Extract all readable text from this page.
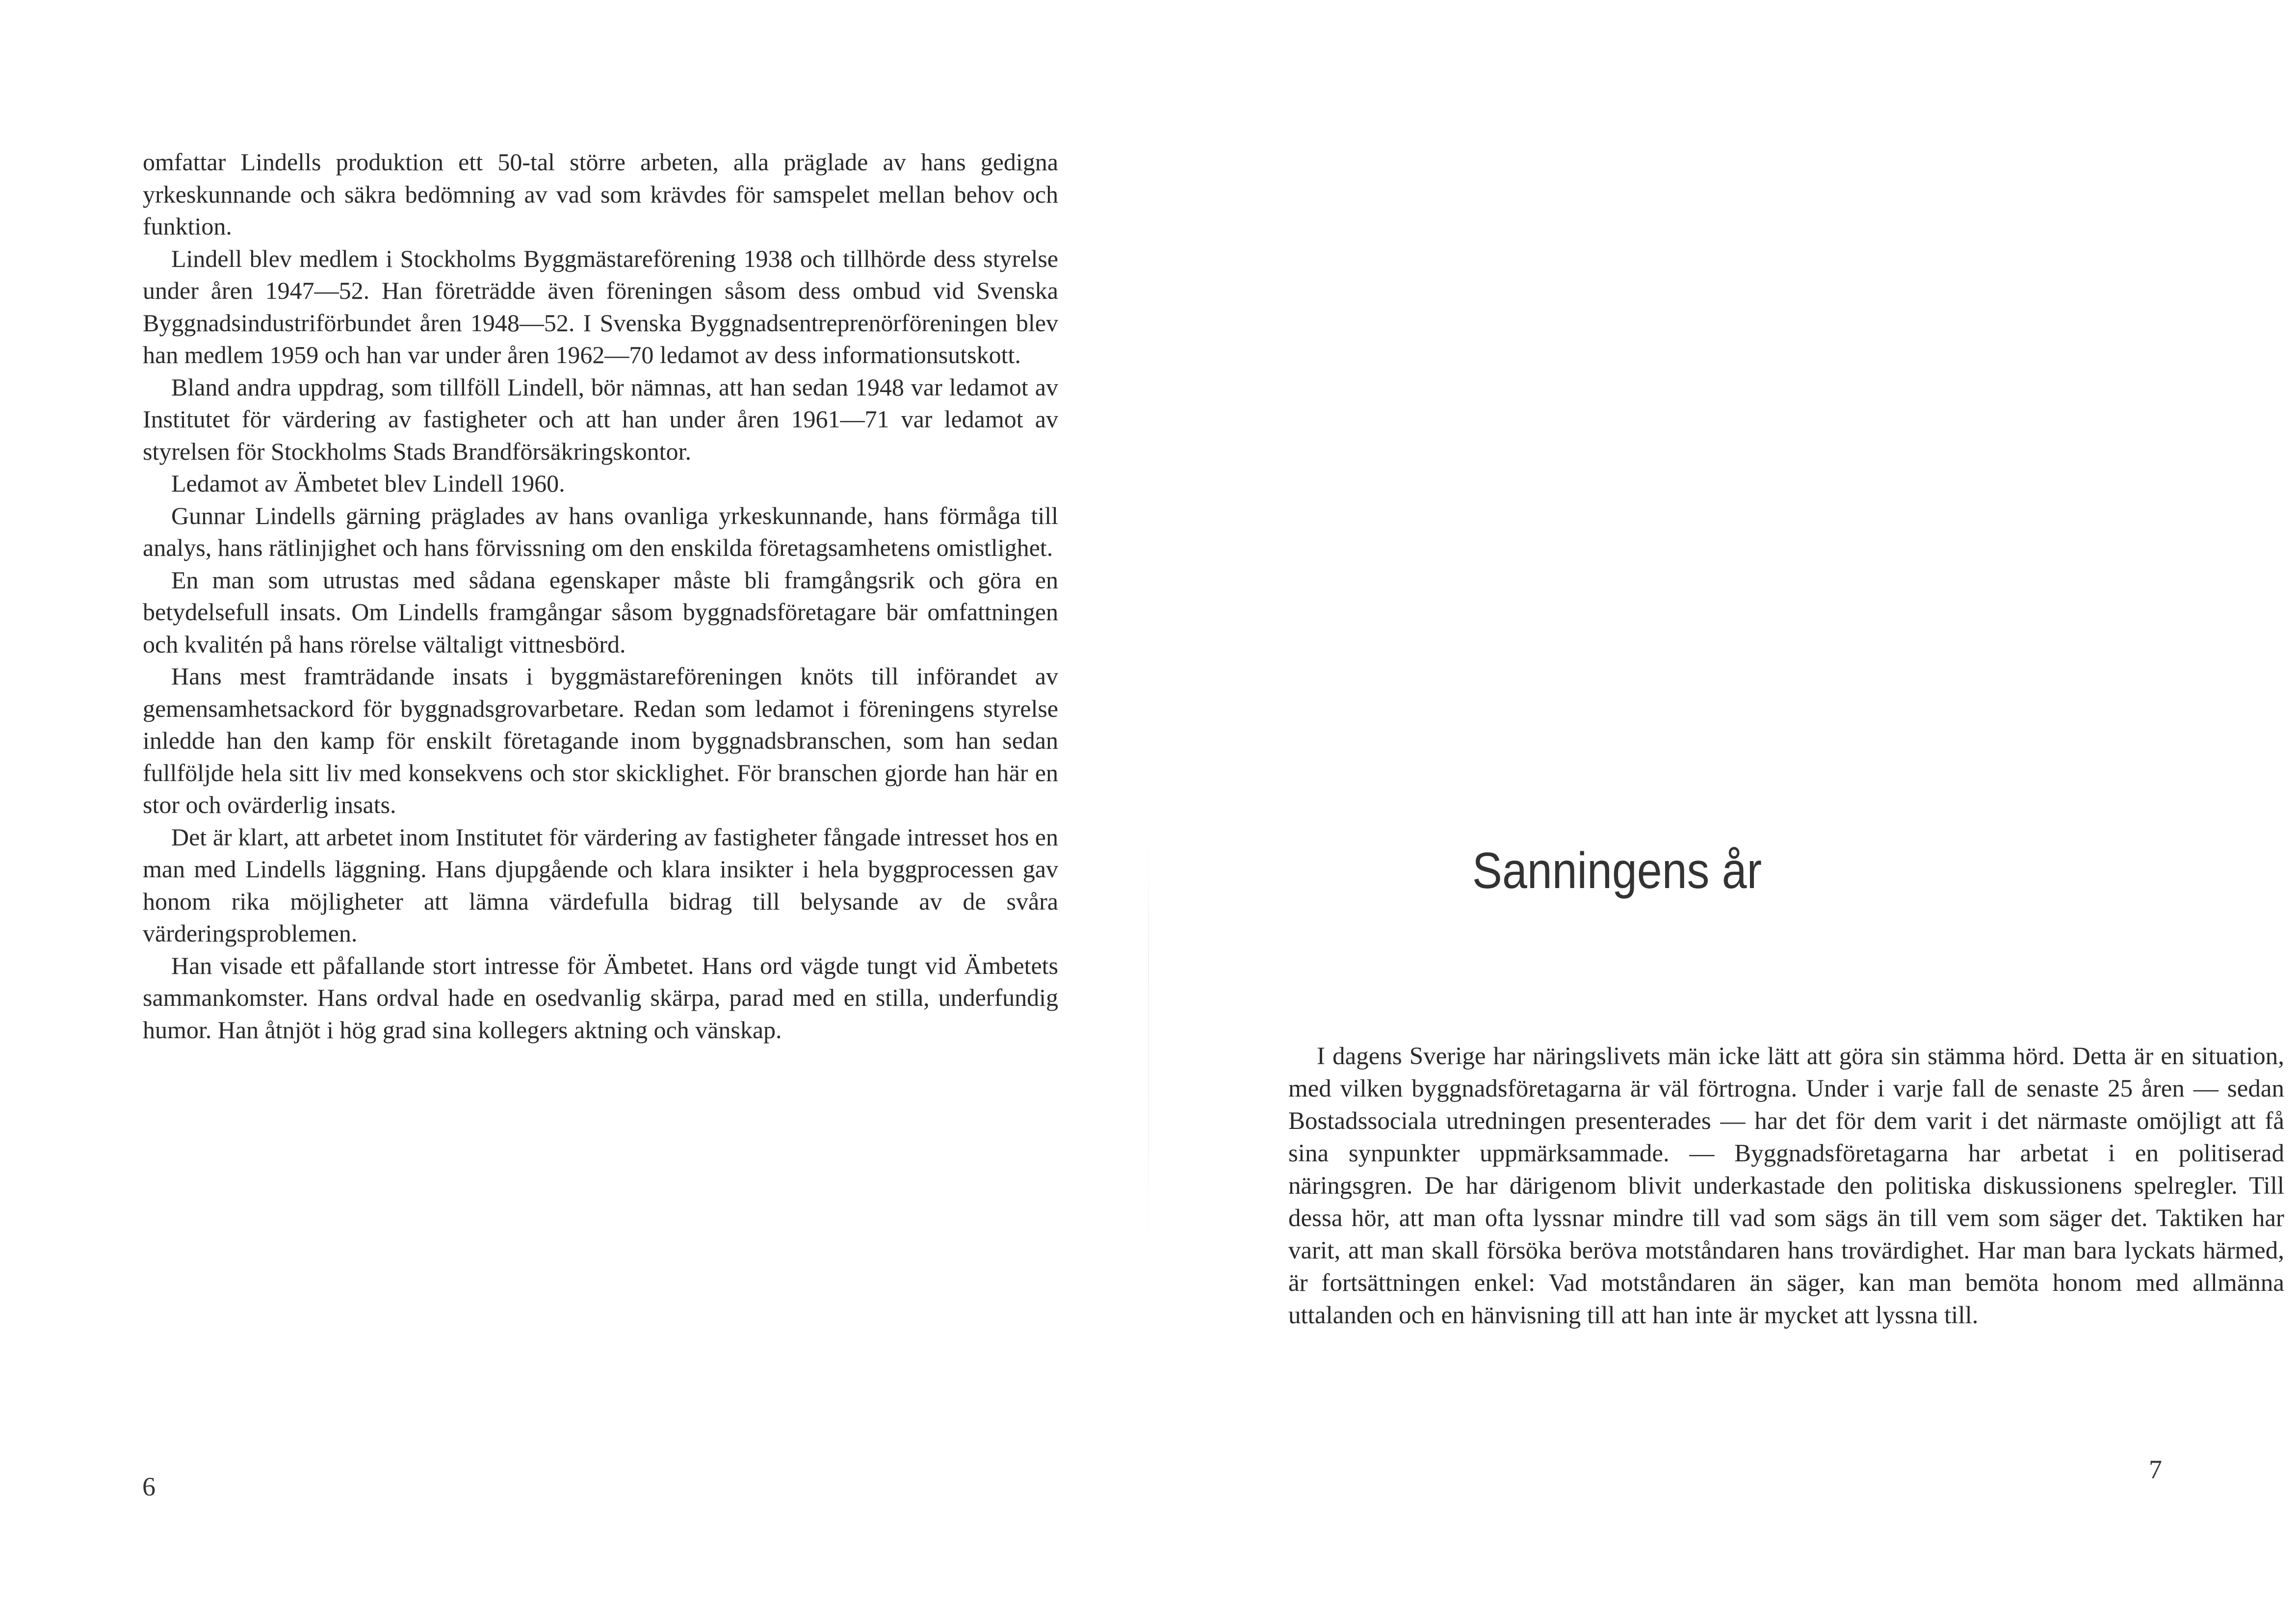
omfattar Lindells produktion ett 50-tal större arbeten, alla präglade av hans gedigna yrkeskunnande och säkra bedömning av vad som krävdes för samspelet mellan behov och funktion.

Lindell blev medlem i Stockholms Byggmästareförening 1938 och tillhörde dess styrelse under åren 1947—52. Han företrädde även föreningen såsom dess ombud vid Svenska Byggnadsindustriförbundet åren 1948—52. I Svenska Byggnadsentreprenörföreningen blev han medlem 1959 och han var under åren 1962—70 ledamot av dess informationsutskott.

Bland andra uppdrag, som tillföll Lindell, bör nämnas, att han sedan 1948 var ledamot av Institutet för värdering av fastigheter och att han under åren 1961—71 var ledamot av styrelsen för Stockholms Stads Brandförsäkringskontor.

Ledamot av Ämbetet blev Lindell 1960.

Gunnar Lindells gärning präglades av hans ovanliga yrkeskunnande, hans förmåga till analys, hans rätlinjighet och hans förvissning om den enskilda företagsamhetens omistlighet.

En man som utrustas med sådana egenskaper måste bli framgångsrik och göra en betydelsefull insats. Om Lindells framgångar såsom byggnadsföretagare bär omfattningen och kvalitén på hans rörelse vältaligt vittnesbörd.

Hans mest framträdande insats i byggmästareföreningen knöts till införandet av gemensamhetsackord för byggnadsgrovarbetare. Redan som ledamot i föreningens styrelse inledde han den kamp för enskilt företagande inom byggnadsbranschen, som han sedan fullföljde hela sitt liv med konsekvens och stor skicklighet. För branschen gjorde han här en stor och ovärderlig insats.

Det är klart, att arbetet inom Institutet för värdering av fastigheter fångade intresset hos en man med Lindells läggning. Hans djupgående och klara insikter i hela byggprocessen gav honom rika möjligheter att lämna värdefulla bidrag till belysande av de svåra värderingsproblemen.

Han visade ett påfallande stort intresse för Ämbetet. Hans ord vägde tungt vid Ämbetets sammankomster. Hans ordval hade en osedvanlig skärpa, parad med en stilla, underfundig humor. Han åtnjöt i hög grad sina kollegers aktning och vänskap.

6
Sanningens år

I dagens Sverige har näringslivets män icke lätt att göra sin stämma hörd. Detta är en situation, med vilken byggnadsföretagarna är väl förtrogna. Under i varje fall de senaste 25 åren — sedan Bostadssociala utredningen presenterades — har det för dem varit i det närmaste omöjligt att få sina synpunkter uppmärksammade. — Byggnadsföretagarna har arbetat i en politiserad näringsgren. De har därigenom blivit underkastade den politiska diskussionens spelregler. Till dessa hör, att man ofta lyssnar mindre till vad som sägs än till vem som säger det. Taktiken har varit, att man skall försöka beröva motståndaren hans trovärdighet. Har man bara lyckats härmed, är fortsättningen enkel: Vad motståndaren än säger, kan man bemöta honom med allmänna uttalanden och en hänvisning till att han inte är mycket att lyssna till.

7
